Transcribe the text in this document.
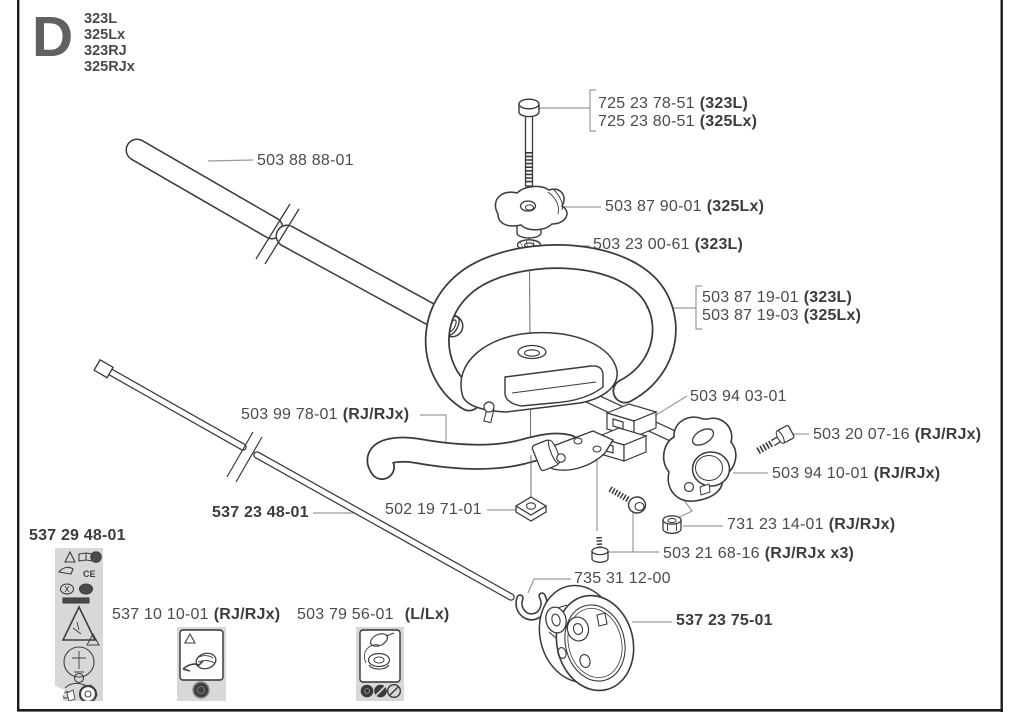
D 323L
325Lx
323RJ
325RJx
503 88 88-01
725 23 78-51 (323L)
725 23 80-51 (325Lx)
503 87 90-01 (325Lx)
503 23 00-61 (323L)
503 87 19-01 (323L)
503 87 19-03 (325Lx)
503 94 03-01
503 99 78-01 (RJ/RJx)
503 20 07-16 (RJ/RJx)
503 94 10-01 (RJ/RJx)
731 23 14-01 (RJ/RJx)
503 21 68-16 (RJ/RJx x3)
537 23 48-01	502 19 71-01
735 31 12-00
537 23 75-01
537 29 48-01
537 10 10-01 (RJ/RJx) 503 79 56-01 (L/Lx)
CE
